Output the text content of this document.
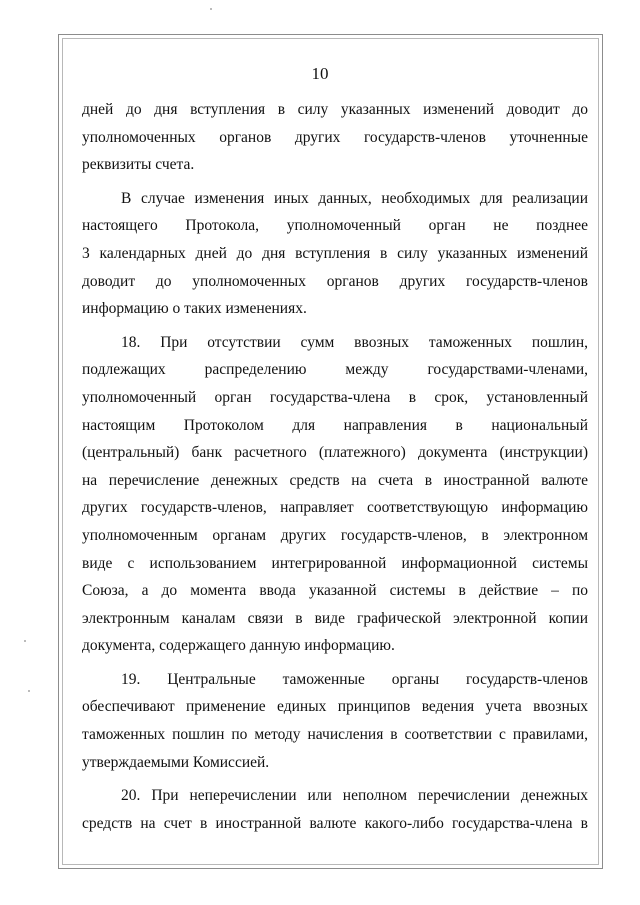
10

дней до дня вступления в силу указанных изменений доводит до
уполномоченных органов других государств-членов уточненные
реквизиты счета.

В случае изменения иных данных, необходимых для реализации
настоящего Протокола, уполномоченный орган не позднее
3 календарных дней до дня вступления в силу указанных изменений
доводит до уполномоченных органов других государств-членов
информацию о таких изменениях.

18. При отсутствии сумм ввозных таможенных пошлин,
подлежащих распределению между государствами-членами,
уполномоченный орган государства-члена в срок, установленный
настоящим Протоколом для направления в национальный
(центральный) банк расчетного (платежного) документа (инструкции)
на перечисление денежных средств на счета в иностранной валюте
других государств-членов, направляет соответствующую информацию
уполномоченным органам других государств-членов, в электронном
виде с использованием интегрированной информационной системы
Союза, а до момента ввода указанной системы в действие – по
электронным каналам связи в виде графической электронной копии
документа, содержащего данную информацию.

19. Центральные таможенные органы государств-членов
обеспечивают применение единых принципов ведения учета ввозных
таможенных пошлин по методу начисления в соответствии с правилами,
утверждаемыми Комиссией.

20. При неперечислении или неполном перечислении денежных
средств на счет в иностранной валюте какого-либо государства-члена в
